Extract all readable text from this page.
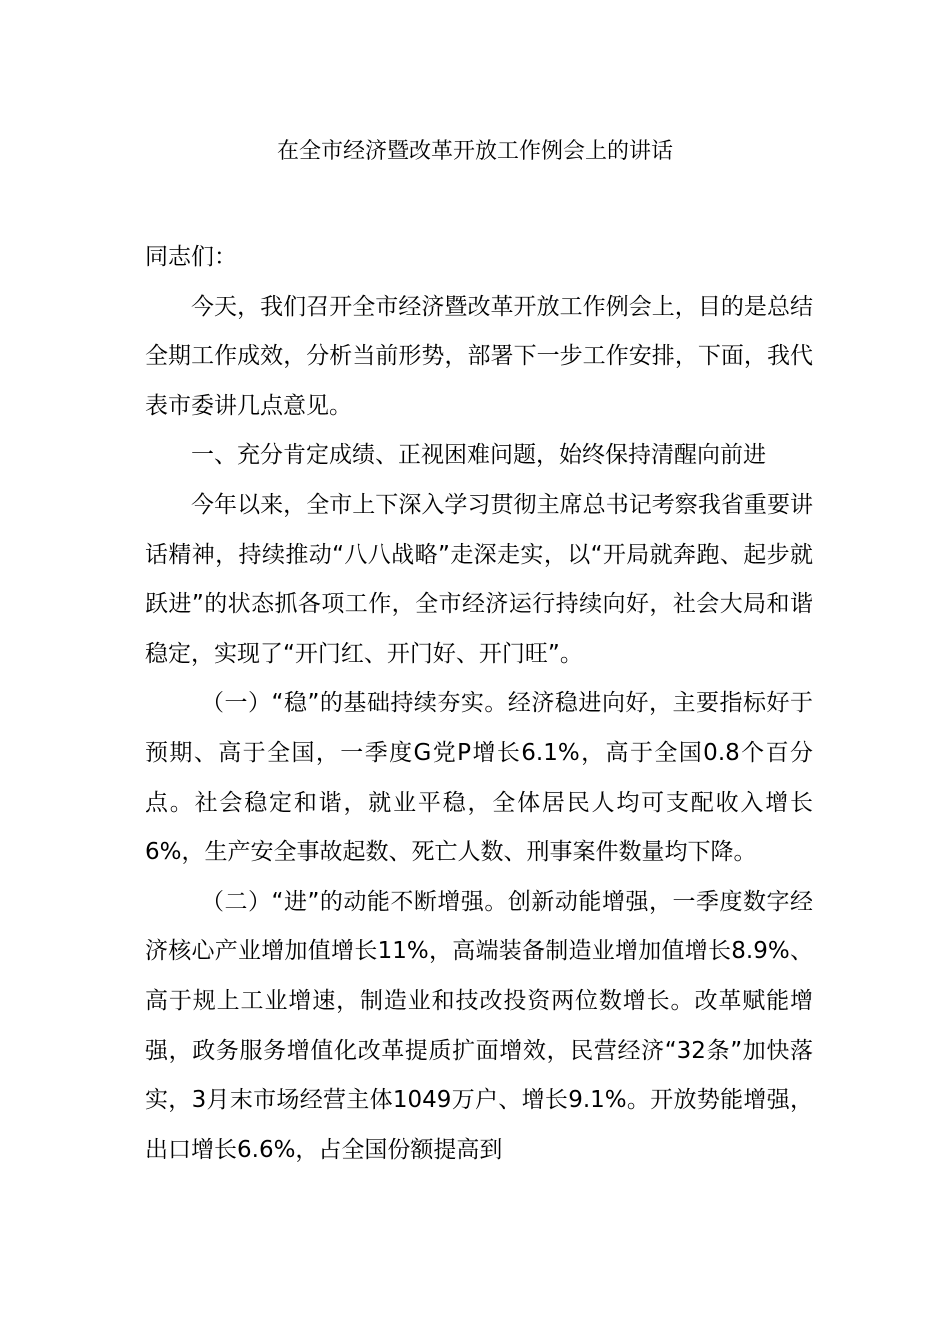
在全市经济暨改革开放工作例会上的讲话

同志们：

今天，我们召开全市经济暨改革开放工作例会上，目的是总结全期工作成效，分析当前形势，部署下一步工作安排，下面，我代表市委讲几点意见。

一、充分肯定成绩、正视困难问题，始终保持清醒向前进

今年以来，全市上下深入学习贯彻主席总书记考察我省重要讲话精神，持续推动“八八战略”走深走实，以“开局就奔跑、起步就跃进”的状态抓各项工作，全市经济运行持续向好，社会大局和谐稳定，实现了“开门红、开门好、开门旺”。

（一）“稳”的基础持续夯实。经济稳进向好，主要指标好于预期、高于全国，一季度G党P增长6.1%，高于全国0.8个百分点。社会稳定和谐，就业平稳，全体居民人均可支配收入增长6%，生产安全事故起数、死亡人数、刑事案件数量均下降。

（二）“进”的动能不断增强。创新动能增强，一季度数字经济核心产业增加值增长11%，高端装备制造业增加值增长8.9%、高于规上工业增速，制造业和技改投资两位数增长。改革赋能增强，政务服务增值化改革提质扩面增效，民营经济“32条”加快落实，3月末市场经营主体1049万户、增长9.1%。开放势能增强，出口增长6.6%，占全国份额提高到
